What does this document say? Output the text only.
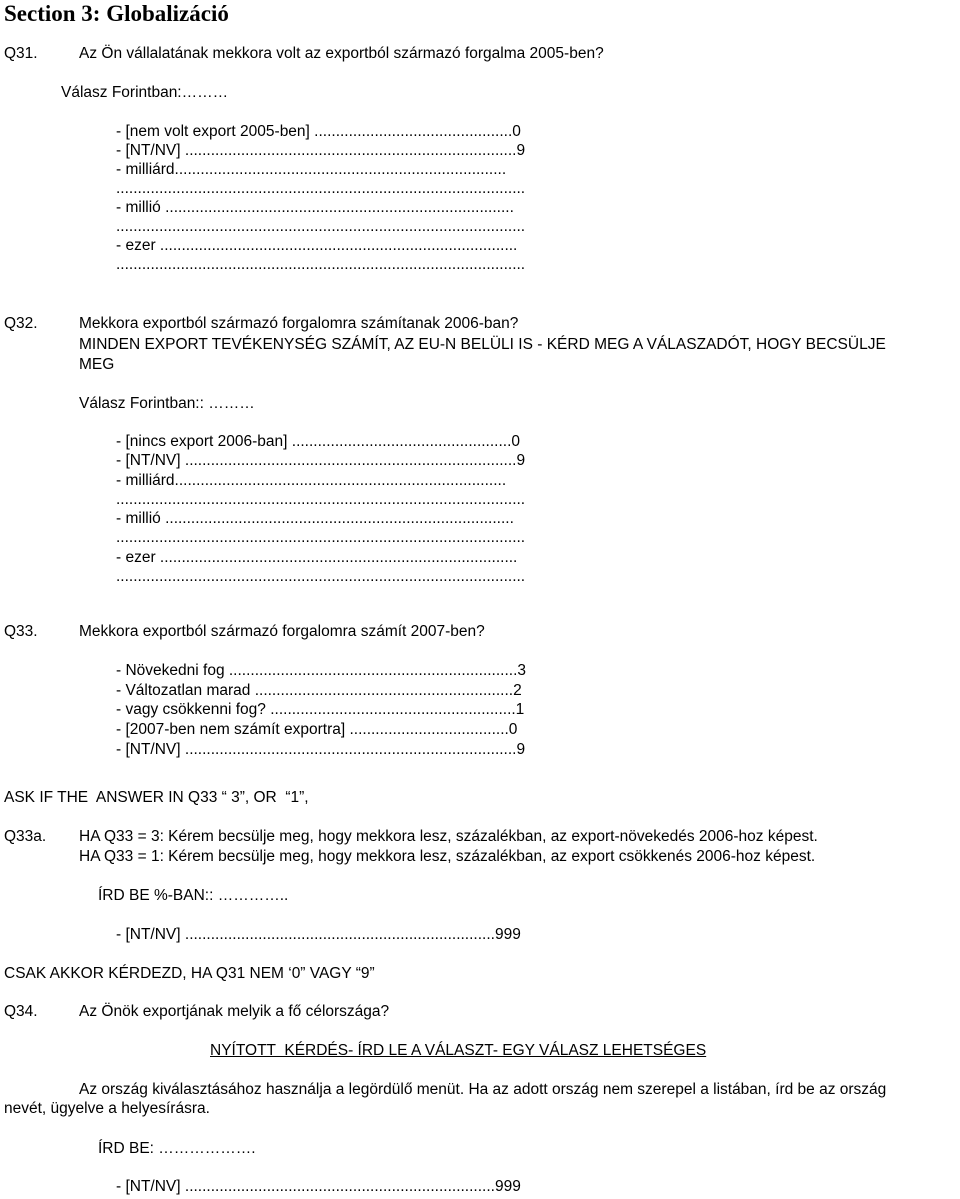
Section 3: Globalizáció
Q31.	Az Ön vállalatának mekkora volt az exportból származó forgalma 2005-ben?
Válasz Forintban:………
- [nem volt export 2005-ben] ..............................................0
- [NT/NV] .............................................................................9
- milliárd.............................................................................
...............................................................................................
- millió .................................................................................
...............................................................................................
- ezer ...................................................................................
...............................................................................................
Q32.	Mekkora exportból származó forgalomra számítanak 2006-ban?
MINDEN EXPORT TEVÉKENYSÉG SZÁMÍT, AZ EU-N BELÜLI IS - KÉRD MEG A VÁLASZADÓT, HOGY BECSÜLJE
MEG
Válasz Forintban:: ………
- [nincs export 2006-ban] ...................................................0
- [NT/NV] .............................................................................9
- milliárd.............................................................................
...............................................................................................
- millió .................................................................................
...............................................................................................
- ezer ...................................................................................
...............................................................................................
Q33.	Mekkora exportból származó forgalomra számít 2007-ben?
- Növekedni fog ...................................................................3
- Változatlan marad ............................................................2
- vagy csökkenni fog? .........................................................1
- [2007-ben nem számít exportra] .....................................0
- [NT/NV] .............................................................................9
ASK IF THE  ANSWER IN Q33 “ 3”, OR  “1”,
Q33a. HA Q33 = 3: Kérem becsülje meg, hogy mekkora lesz, százalékban, az export-növekedés 2006-hoz képest.
HA Q33 = 1: Kérem becsülje meg, hogy mekkora lesz, százalékban, az export csökkenés 2006-hoz képest.
ÍRD BE %-BAN:: …………..
- [NT/NV] ........................................................................999
CSAK AKKOR KÉRDEZD, HA Q31 NEM ‘0” VAGY “9”
Q34.	Az Önök exportjának melyik a fő célországa?
NYÍTOTT  KÉRDÉS- ÍRD LE A VÁLASZT- EGY VÁLASZ LEHETSÉGES
Az ország kiválasztásához használja a legördülő menüt. Ha az adott ország nem szerepel a listában, írd be az ország
nevét, ügyelve a helyesírásra.
ÍRD BE: ……………….
- [NT/NV] ........................................................................999
